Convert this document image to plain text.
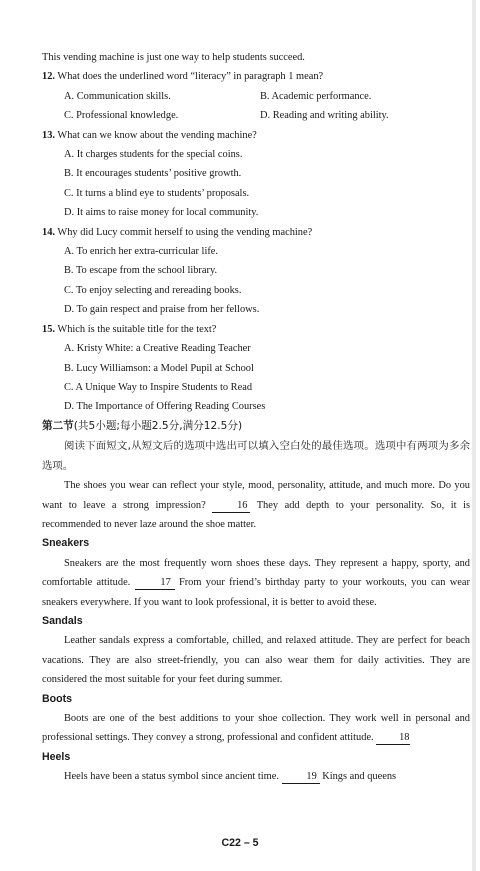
This vending machine is just one way to help students succeed.
12. What does the underlined word “literacy” in paragraph 1 mean?
A. Communication skills.	B. Academic performance.
C. Professional knowledge.	D. Reading and writing ability.
13. What can we know about the vending machine?
A. It charges students for the special coins.
B. It encourages students’ positive growth.
C. It turns a blind eye to students’ proposals.
D. It aims to raise money for local community.
14. Why did Lucy commit herself to using the vending machine?
A. To enrich her extra-curricular life.
B. To escape from the school library.
C. To enjoy selecting and rereading books.
D. To gain respect and praise from her fellows.
15. Which is the suitable title for the text?
A. Kristy White: a Creative Reading Teacher
B. Lucy Williamson: a Model Pupil at School
C. A Unique Way to Inspire Students to Read
D. The Importance of Offering Reading Courses
第二节(共5小题;每小题2.5分,满分12.5分)
阅读下面短文,从短文后的选项中选出可以填入空白处的最佳选项。选项中有两项为多余选项。
The shoes you wear can reflect your style, mood, personality, attitude, and much more. Do you want to leave a strong impression?	16 They add depth to your personality. So, it is recommended to never laze around the shoe matter.
Sneakers
Sneakers are the most frequently worn shoes these days. They represent a happy, sporty, and comfortable attitude.	17 From your friend’s birthday party to your workouts, you can wear sneakers everywhere. If you want to look professional, it is better to avoid these.
Sandals
Leather sandals express a comfortable, chilled, and relaxed attitude. They are perfect for beach vacations. They are also street-friendly, you can also wear them for daily activities. They are considered the most suitable for your feet during summer.
Boots
Boots are one of the best additions to your shoe collection. They work well in personal and professional settings. They convey a strong, professional and confident attitude. 18
Heels
Heels have been a status symbol since ancient time.	19 Kings and queens
C22 – 5
